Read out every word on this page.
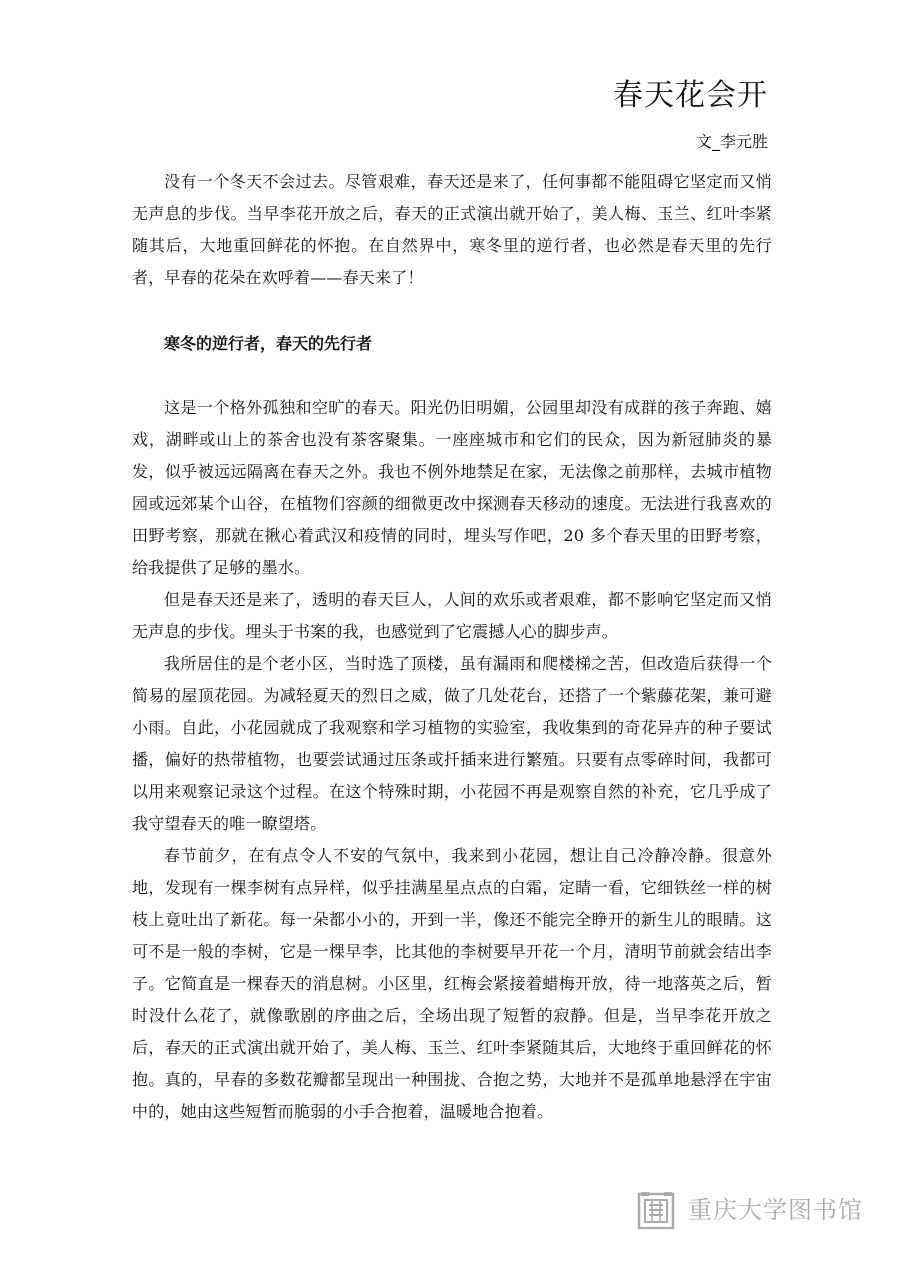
春天花会开
文_李元胜

没有一个冬天不会过去。尽管艰难，春天还是来了，任何事都不能阻碍它坚定而又悄无声息的步伐。当早李花开放之后，春天的正式演出就开始了，美人梅、玉兰、红叶李紧随其后，大地重回鲜花的怀抱。在自然界中，寒冬里的逆行者，也必然是春天里的先行者，早春的花朵在欢呼着——春天来了！

寒冬的逆行者，春天的先行者

这是一个格外孤独和空旷的春天。阳光仍旧明媚，公园里却没有成群的孩子奔跑、嬉戏，湖畔或山上的茶舍也没有茶客聚集。一座座城市和它们的民众，因为新冠肺炎的暴发，似乎被远远隔离在春天之外。我也不例外地禁足在家，无法像之前那样，去城市植物园或远郊某个山谷，在植物们容颜的细微更改中探测春天移动的速度。无法进行我喜欢的田野考察，那就在揪心着武汉和疫情的同时，埋头写作吧，20 多个春天里的田野考察，给我提供了足够的墨水。

但是春天还是来了，透明的春天巨人，人间的欢乐或者艰难，都不影响它坚定而又悄无声息的步伐。埋头于书案的我，也感觉到了它震撼人心的脚步声。

我所居住的是个老小区，当时选了顶楼，虽有漏雨和爬楼梯之苦，但改造后获得一个简易的屋顶花园。为减轻夏天的烈日之威，做了几处花台，还搭了一个紫藤花架，兼可避小雨。自此，小花园就成了我观察和学习植物的实验室，我收集到的奇花异卉的种子要试播，偏好的热带植物，也要尝试通过压条或扦插来进行繁殖。只要有点零碎时间，我都可以用来观察记录这个过程。在这个特殊时期，小花园不再是观察自然的补充，它几乎成了我守望春天的唯一瞭望塔。

春节前夕，在有点令人不安的气氛中，我来到小花园，想让自己冷静冷静。很意外地，发现有一棵李树有点异样，似乎挂满星星点点的白霜，定睛一看，它细铁丝一样的树枝上竟吐出了新花。每一朵都小小的，开到一半，像还不能完全睁开的新生儿的眼睛。这可不是一般的李树，它是一棵早李，比其他的李树要早开花一个月，清明节前就会结出李子。它简直是一棵春天的消息树。小区里，红梅会紧接着蜡梅开放，待一地落英之后，暂时没什么花了，就像歌剧的序曲之后，全场出现了短暂的寂静。但是，当早李花开放之后，春天的正式演出就开始了，美人梅、玉兰、红叶李紧随其后，大地终于重回鲜花的怀抱。真的，早春的多数花瓣都呈现出一种围拢、合抱之势，大地并不是孤单地悬浮在宇宙中的，她由这些短暂而脆弱的小手合抱着，温暖地合抱着。

重庆大学图书馆
